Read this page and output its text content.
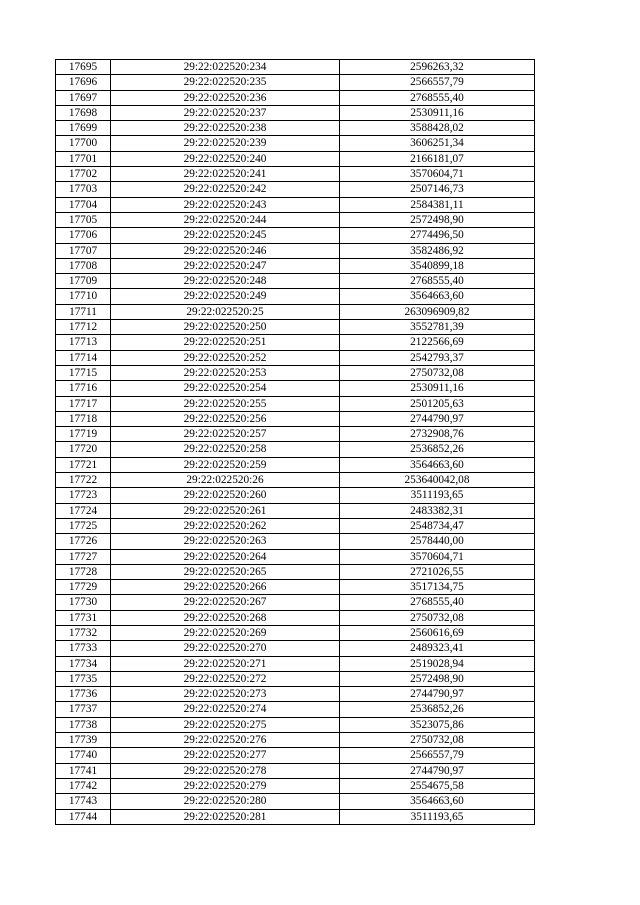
17695	29:22:022520:234	2596263,32
17696	29:22:022520:235	2566557,79
17697	29:22:022520:236	2768555,40
17698	29:22:022520:237	2530911,16
17699	29:22:022520:238	3588428,02
17700	29:22:022520:239	3606251,34
17701	29:22:022520:240	2166181,07
17702	29:22:022520:241	3570604,71
17703	29:22:022520:242	2507146,73
17704	29:22:022520:243	2584381,11
17705	29:22:022520:244	2572498,90
17706	29:22:022520:245	2774496,50
17707	29:22:022520:246	3582486,92
17708	29:22:022520:247	3540899,18
17709	29:22:022520:248	2768555,40
17710	29:22:022520:249	3564663,60
17711	29:22:022520:25	263096909,82
17712	29:22:022520:250	3552781,39
17713	29:22:022520:251	2122566,69
17714	29:22:022520:252	2542793,37
17715	29:22:022520:253	2750732,08
17716	29:22:022520:254	2530911,16
17717	29:22:022520:255	2501205,63
17718	29:22:022520:256	2744790,97
17719	29:22:022520:257	2732908,76
17720	29:22:022520:258	2536852,26
17721	29:22:022520:259	3564663,60
17722	29:22:022520:26	253640042,08
17723	29:22:022520:260	3511193,65
17724	29:22:022520:261	2483382,31
17725	29:22:022520:262	2548734,47
17726	29:22:022520:263	2578440,00
17727	29:22:022520:264	3570604,71
17728	29:22:022520:265	2721026,55
17729	29:22:022520:266	3517134,75
17730	29:22:022520:267	2768555,40
17731	29:22:022520:268	2750732,08
17732	29:22:022520:269	2560616,69
17733	29:22:022520:270	2489323,41
17734	29:22:022520:271	2519028,94
17735	29:22:022520:272	2572498,90
17736	29:22:022520:273	2744790,97
17737	29:22:022520:274	2536852,26
17738	29:22:022520:275	3523075,86
17739	29:22:022520:276	2750732,08
17740	29:22:022520:277	2566557,79
17741	29:22:022520:278	2744790,97
17742	29:22:022520:279	2554675,58
17743	29:22:022520:280	3564663,60
17744	29:22:022520:281	3511193,65
